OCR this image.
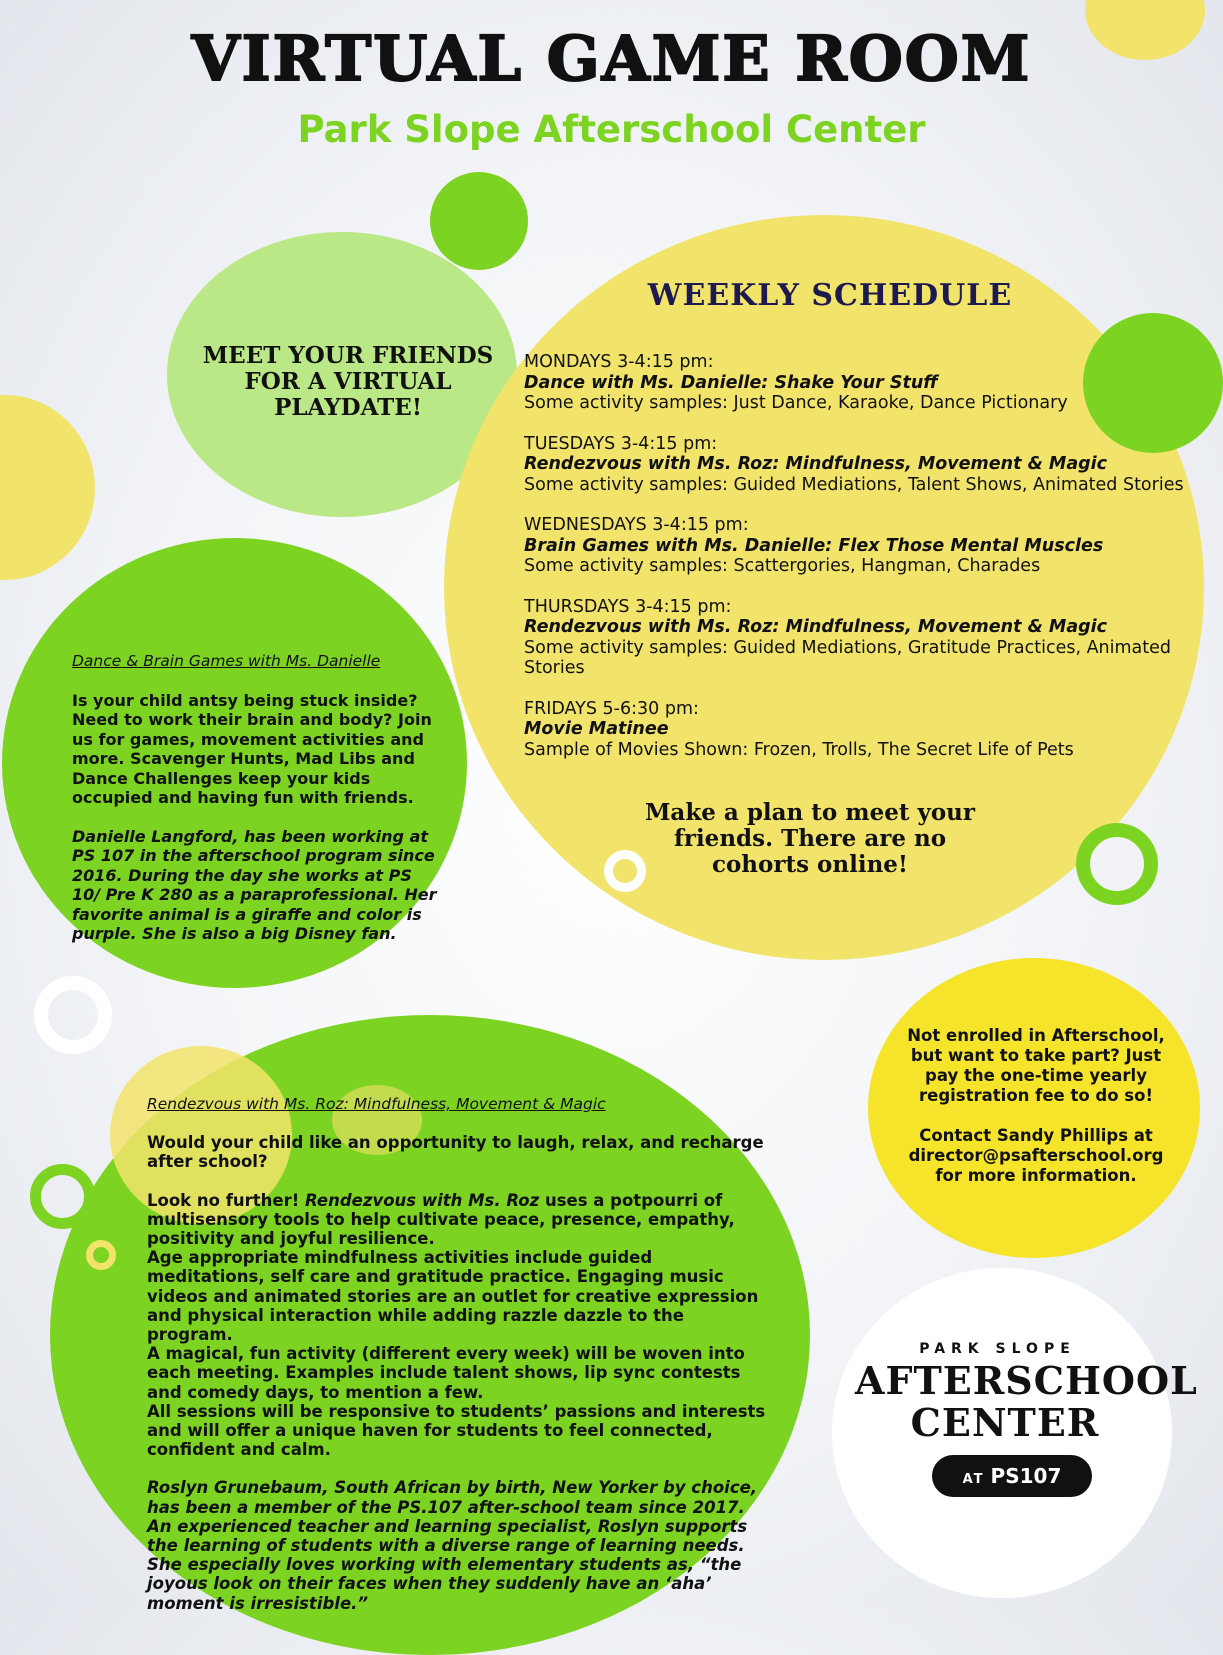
VIRTUAL GAME ROOM
Park Slope Afterschool Center
MEET YOUR FRIENDS FOR A VIRTUAL PLAYDATE!
WEEKLY SCHEDULE
MONDAYS 3-4:15 pm:
Dance with Ms. Danielle: Shake Your Stuff
Some activity samples: Just Dance, Karaoke, Dance Pictionary
TUESDAYS 3-4:15 pm:
Rendezvous with Ms. Roz: Mindfulness, Movement & Magic
Some activity samples: Guided Mediations, Talent Shows, Animated Stories
WEDNESDAYS 3-4:15 pm:
Brain Games with Ms. Danielle: Flex Those Mental Muscles
Some activity samples: Scattergories, Hangman, Charades
THURSDAYS 3-4:15 pm:
Rendezvous with Ms. Roz: Mindfulness, Movement & Magic
Some activity samples: Guided Mediations, Gratitude Practices, Animated Stories
FRIDAYS 5-6:30 pm:
Movie Matinee
Sample of Movies Shown: Frozen, Trolls, The Secret Life of Pets
Make a plan to meet your friends. There are no cohorts online!
Dance & Brain Games with Ms. Danielle

Is your child antsy being stuck inside? Need to work their brain and body? Join us for games, movement activities and more. Scavenger Hunts, Mad Libs and Dance Challenges keep your kids occupied and having fun with friends.

Danielle Langford, has been working at PS 107 in the afterschool program since 2016. During the day she works at PS 10/ Pre K 280 as a paraprofessional. Her favorite animal is a giraffe and color is purple. She is also a big Disney fan.

Rendezvous with Ms. Roz: Mindfulness, Movement & Magic

Would your child like an opportunity to laugh, relax, and recharge after school?

Look no further! Rendezvous with Ms. Roz uses a potpourri of multisensory tools to help cultivate peace, presence, empathy, positivity and joyful resilience.

Age appropriate mindfulness activities include guided meditations, self care and gratitude practice. Engaging music videos and animated stories are an outlet for creative expression and physical interaction while adding razzle dazzle to the program.

A magical, fun activity (different every week) will be woven into each meeting. Examples include talent shows, lip sync contests and comedy days, to mention a few.

All sessions will be responsive to students’ passions and interests and will offer a unique haven for students to feel connected, confident and calm.

Roslyn Grunebaum, South African by birth, New Yorker by choice, has been a member of the PS.107 after-school team since 2017. An experienced teacher and learning specialist, Roslyn supports the learning of students with a diverse range of learning needs. She especially loves working with elementary students as, “the joyous look on their faces when they suddenly have an ‘aha’ moment is irresistible.”

Not enrolled in Afterschool, but want to take part? Just pay the one-time yearly registration fee to do so!

Contact Sandy Phillips at director@psafterschool.org for more information.

PARK SLOPE
AFTERSCHOOL
CENTER
AT PS107
